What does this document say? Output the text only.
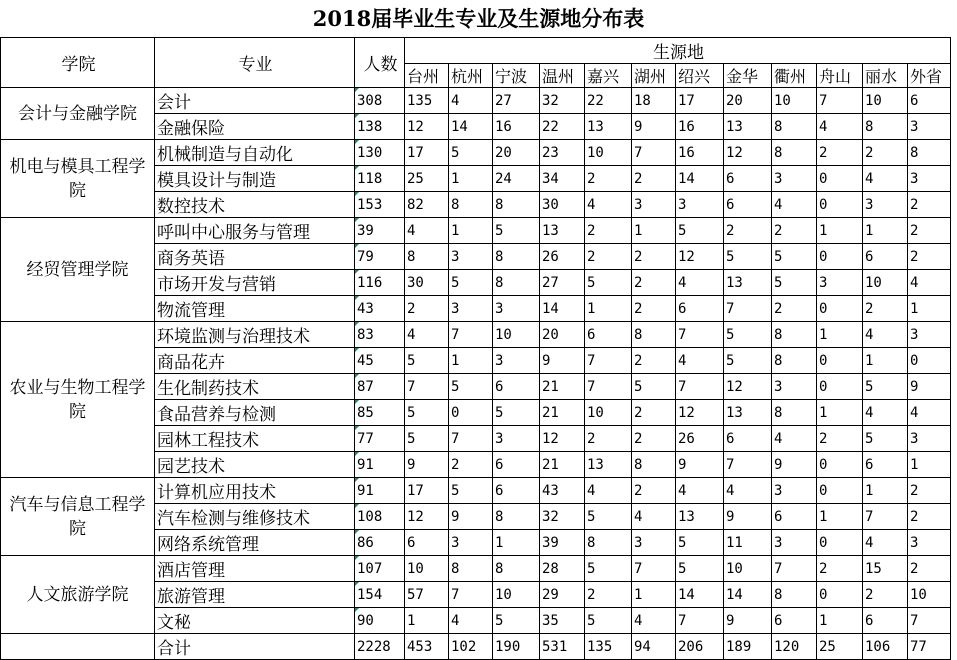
2018届毕业生专业及生源地分布表
学院	专业	人数	生源地											
			台州	杭州	宁波	温州	嘉兴	湖州	绍兴	金华	衢州	舟山	丽水	外省
会计与金融学院	会计	308	135	4	27	32	22	18	17	20	10	7	10	6
	金融保险	138	12	14	16	22	13	9	16	13	8	4	8	3
机电与模具工程学院	机械制造与自动化	130	17	5	20	23	10	7	16	12	8	2	2	8
	模具设计与制造	118	25	1	24	34	2	2	14	6	3	0	4	3
	数控技术	153	82	8	8	30	4	3	3	6	4	0	3	2
经贸管理学院	呼叫中心服务与管理	39	4	1	5	13	2	1	5	2	2	1	1	2
	商务英语	79	8	3	8	26	2	2	12	5	5	0	6	2
	市场开发与营销	116	30	5	8	27	5	2	4	13	5	3	10	4
	物流管理	43	2	3	3	14	1	2	6	7	2	0	2	1
农业与生物工程学院	环境监测与治理技术	83	4	7	10	20	6	8	7	5	8	1	4	3
	商品花卉	45	5	1	3	9	7	2	4	5	8	0	1	0
	生化制药技术	87	7	5	6	21	7	5	7	12	3	0	5	9
	食品营养与检测	85	5	0	5	21	10	2	12	13	8	1	4	4
	园林工程技术	77	5	7	3	12	2	2	26	6	4	2	5	3
	园艺技术	91	9	2	6	21	13	8	9	7	9	0	6	1
汽车与信息工程学院	计算机应用技术	91	17	5	6	43	4	2	4	4	3	0	1	2
	汽车检测与维修技术	108	12	9	8	32	5	4	13	9	6	1	7	2
	网络系统管理	86	6	3	1	39	8	3	5	11	3	0	4	3
人文旅游学院	酒店管理	107	10	8	8	28	5	7	5	10	7	2	15	2
	旅游管理	154	57	7	10	29	2	1	14	14	8	0	2	10
	文秘	90	1	4	5	35	5	4	7	9	6	1	6	7
	合计	2228	453	102	190	531	135	94	206	189	120	25	106	77
